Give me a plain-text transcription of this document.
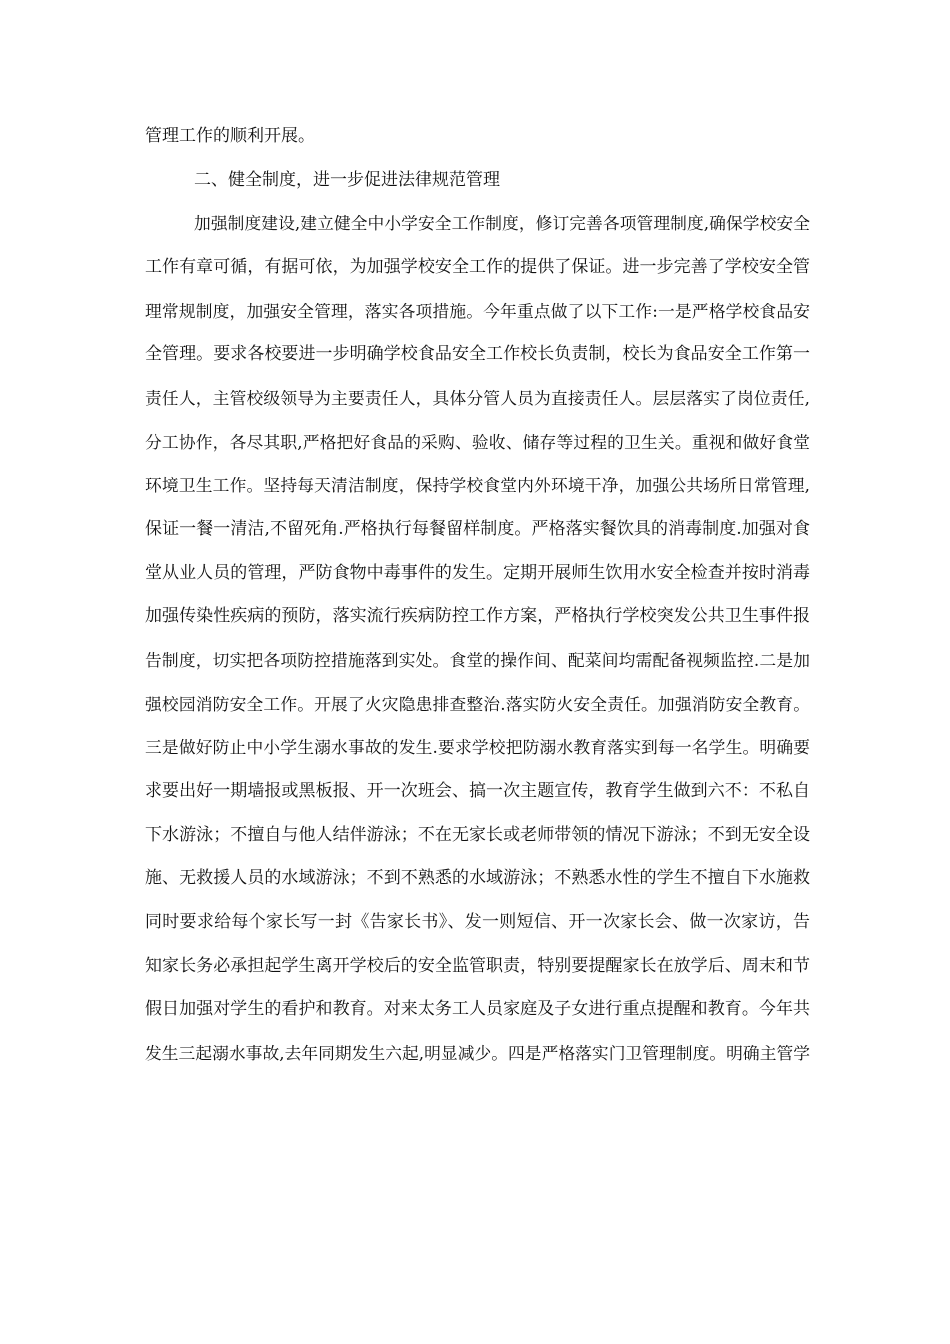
管理工作的顺利开展。
二、健全制度，进一步促进法律规范管理
加强制度建设,建立健全中小学安全工作制度，修订完善各项管理制度,确保学校安全
工作有章可循，有据可依，为加强学校安全工作的提供了保证。进一步完善了学校安全管
理常规制度，加强安全管理，落实各项措施。今年重点做了以下工作:一是严格学校食品安
全管理。要求各校要进一步明确学校食品安全工作校长负责制，校长为食品安全工作第一
责任人，主管校级领导为主要责任人，具体分管人员为直接责任人。层层落实了岗位责任,
分工协作，各尽其职,严格把好食品的采购、验收、储存等过程的卫生关。重视和做好食堂
环境卫生工作。坚持每天清洁制度，保持学校食堂内外环境干净，加强公共场所日常管理,
保证一餐一清洁,不留死角.严格执行每餐留样制度。严格落实餐饮具的消毒制度.加强对食
堂从业人员的管理，严防食物中毒事件的发生。定期开展师生饮用水安全检查并按时消毒
加强传染性疾病的预防，落实流行疾病防控工作方案，严格执行学校突发公共卫生事件报
告制度，切实把各项防控措施落到实处。食堂的操作间、配菜间均需配备视频监控.二是加
强校园消防安全工作。开展了火灾隐患排查整治.落实防火安全责任。加强消防安全教育。
三是做好防止中小学生溺水事故的发生.要求学校把防溺水教育落实到每一名学生。明确要
求要出好一期墙报或黑板报、开一次班会、搞一次主题宣传，教育学生做到六不：不私自
下水游泳；不擅自与他人结伴游泳；不在无家长或老师带领的情况下游泳；不到无安全设
施、无救援人员的水域游泳；不到不熟悉的水域游泳；不熟悉水性的学生不擅自下水施救
同时要求给每个家长写一封《告家长书》、发一则短信、开一次家长会、做一次家访，告
知家长务必承担起学生离开学校后的安全监管职责，特别要提醒家长在放学后、周末和节
假日加强对学生的看护和教育。对来太务工人员家庭及子女进行重点提醒和教育。今年共
发生三起溺水事故,去年同期发生六起,明显减少。四是严格落实门卫管理制度。明确主管学
